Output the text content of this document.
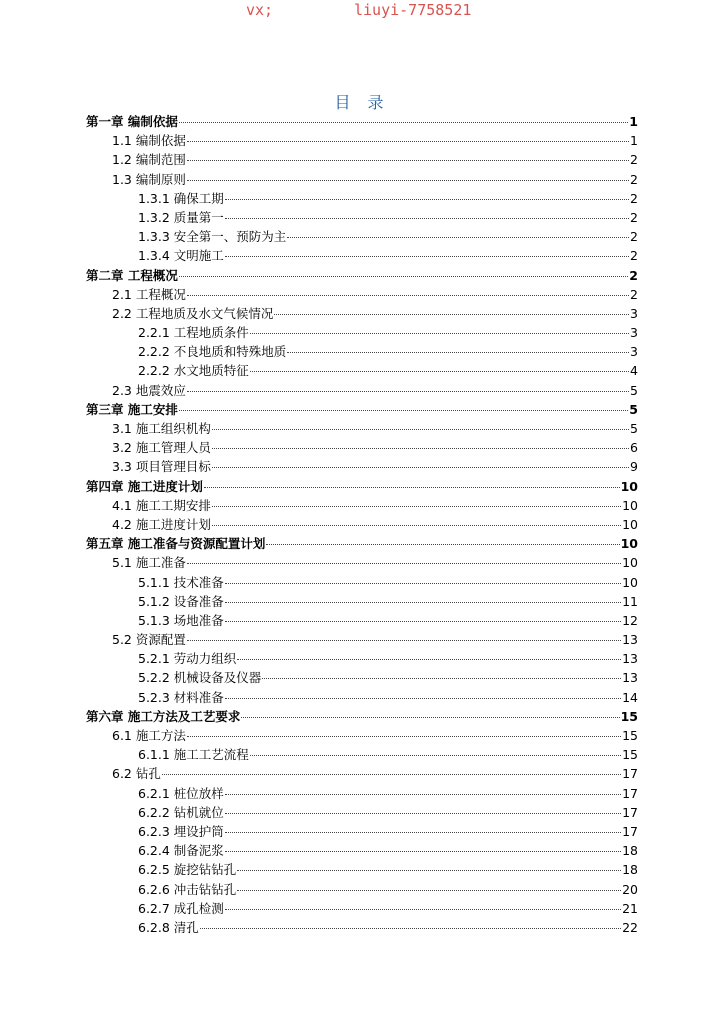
vx;	liuyi-7758521
目 录
第一章 编制依据	1
1.1 编制依据	1
1.2 编制范围	2
1.3 编制原则	2
1.3.1 确保工期	2
1.3.2 质量第一	2
1.3.3 安全第一、预防为主	2
1.3.4 文明施工	2
第二章 工程概况	2
2.1 工程概况	2
2.2 工程地质及水文气候情况	3
2.2.1 工程地质条件	3
2.2.2 不良地质和特殊地质	3
2.2.2 水文地质特征	4
2.3 地震效应	5
第三章 施工安排	5
3.1 施工组织机构	5
3.2 施工管理人员	6
3.3 项目管理目标	9
第四章 施工进度计划	10
4.1 施工工期安排	10
4.2 施工进度计划	10
第五章 施工准备与资源配置计划	10
5.1 施工准备	10
5.1.1 技术准备	10
5.1.2 设备准备	11
5.1.3 场地准备	12
5.2 资源配置	13
5.2.1 劳动力组织	13
5.2.2 机械设备及仪器	13
5.2.3 材料准备	14
第六章 施工方法及工艺要求	15
6.1 施工方法	15
6.1.1 施工工艺流程	15
6.2 钻孔	17
6.2.1 桩位放样	17
6.2.2 钻机就位	17
6.2.3 埋设护筒	17
6.2.4 制备泥浆	18
6.2.5 旋挖钻钻孔	18
6.2.6 冲击钻钻孔	20
6.2.7 成孔检测	21
6.2.8 清孔	22
